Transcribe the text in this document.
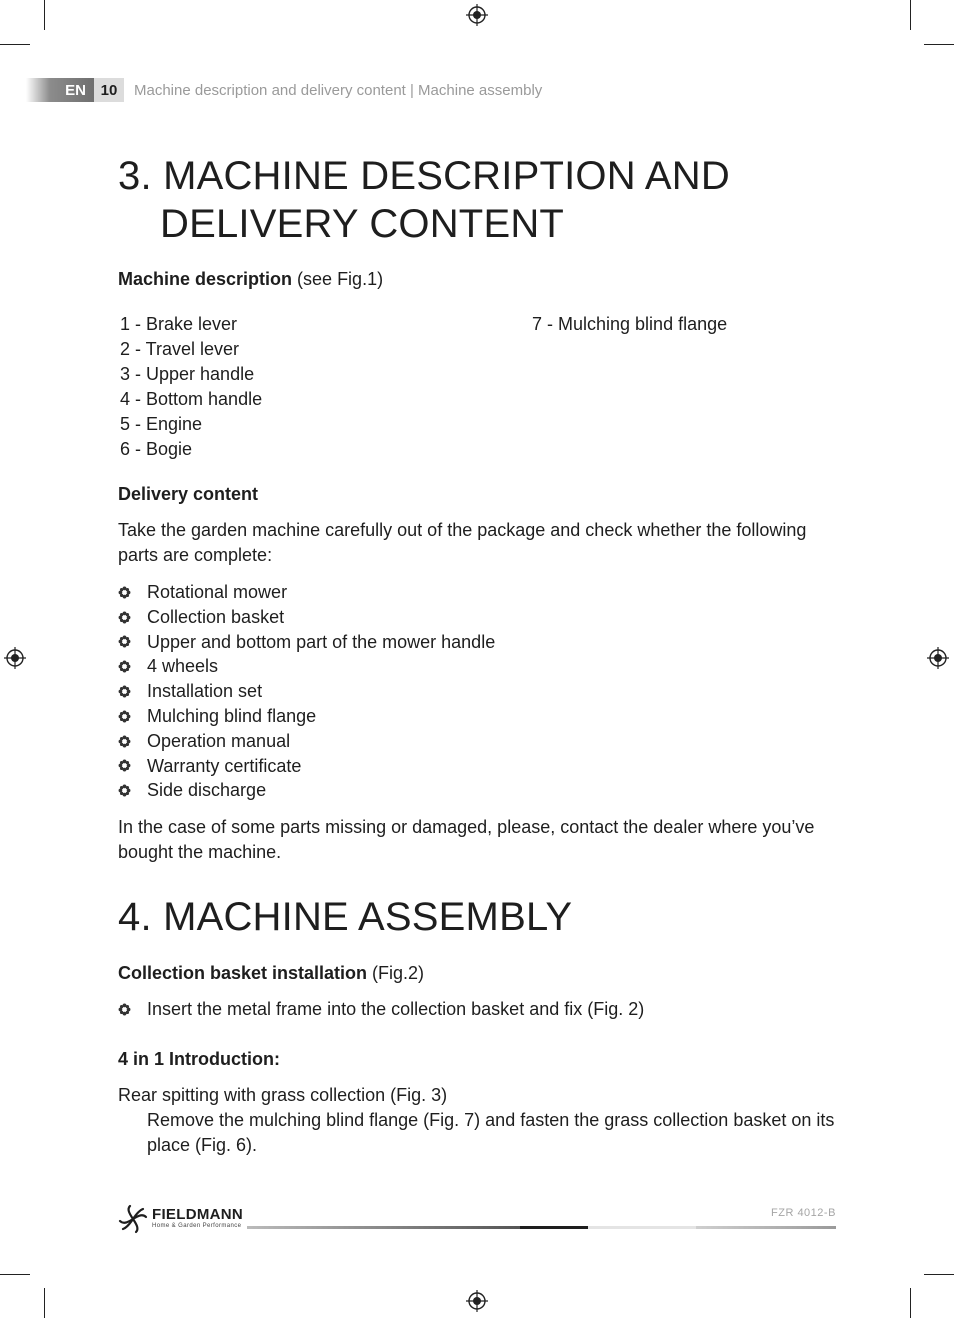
EN 10	Machine description and delivery content | Machine assembly
3. MACHINE DESCRIPTION AND
DELIVERY CONTENT

Machine description (see Fig.1)

1 - Brake lever
2 - Travel lever
3 - Upper handle
4 - Bottom handle
5 - Engine
6 - Bogie
7 - Mulching blind flange

Delivery content

Take the garden machine carefully out of the package and check whether the following parts are complete:

Rotational mower
Collection basket
Upper and bottom part of the mower handle
4 wheels
Installation set
Mulching blind flange
Operation manual
Warranty certificate
Side discharge

In the case of some parts missing or damaged, please, contact the dealer where you’ve bought the machine.

4. MACHINE ASSEMBLY

Collection basket installation (Fig.2)

Insert the metal frame into the collection basket and fix (Fig. 2)

4 in 1 Introduction:

Rear spitting with grass collection (Fig. 3)

Remove the mulching blind flange (Fig. 7) and fasten the grass collection basket on its place (Fig. 6).

FIELDMANN
Home & Garden Performance
FZR 4012-B
